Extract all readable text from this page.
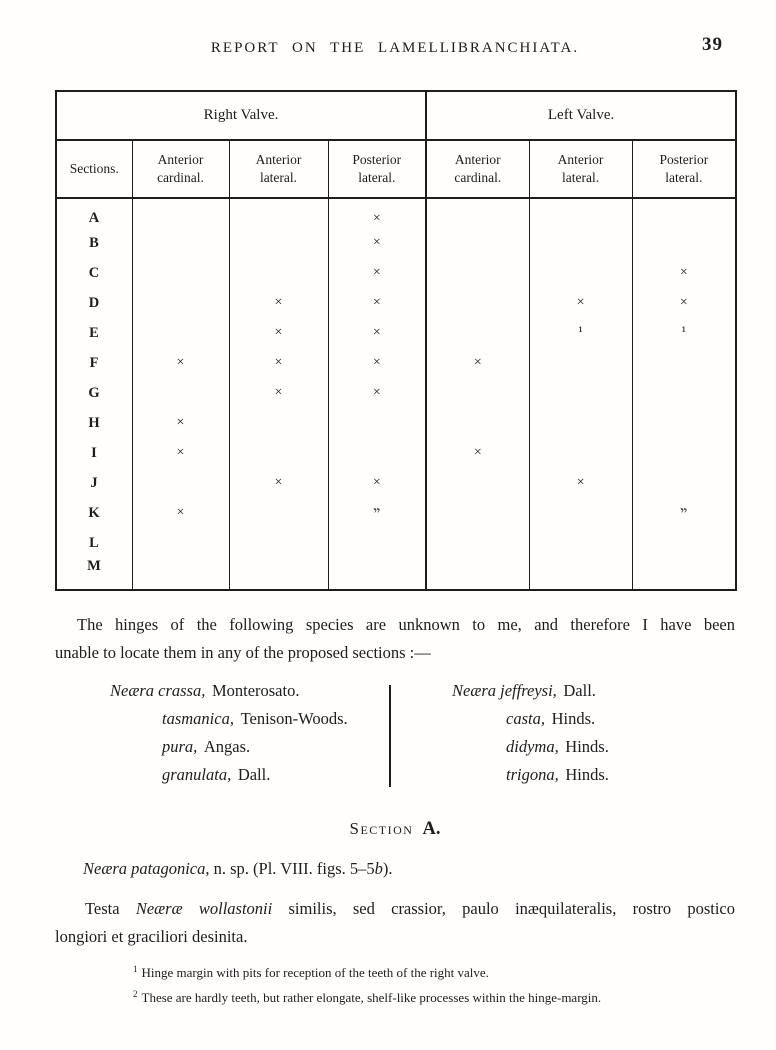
REPORT ON THE LAMELLIBRANCHIATA.	39
Right Valve.				Left Valve.		
Sections.	Anterior cardinal.	Anterior lateral.	Posterior lateral.	Anterior cardinal.	Anterior lateral.	Posterior lateral.
A			×			
B			×			
C			×			×
D		×	×		×	×
E		×	×		¹	¹
F	×	×	×	×		
G		×	×			
H	×					
I	×			×		
J		×	×		×	
K	×		ײ			ײ
L						
M						
The hinges of the following species are unknown to me, and therefore I have been
unable to locate them in any of the proposed sections :—
Neæra crassa, Monterosato.
tasmanica, Tenison-Woods.
pura, Angas.
granulata, Dall.
Neæra jeffreysi, Dall.
casta, Hinds.
didyma, Hinds.
trigona, Hinds.
Section A.
Neæra patagonica, n. sp. (Pl. VIII. figs. 5–5b).
Testa Neæræ wollastonii similis, sed crassior, paulo inæquilateralis, rostro postico
longiori et graciliori desinita.
$^1$ Hinge margin with pits for reception of the teeth of the right valve.
$^2$ These are hardly teeth, but rather elongate, shelf-like processes within the hinge-margin.
